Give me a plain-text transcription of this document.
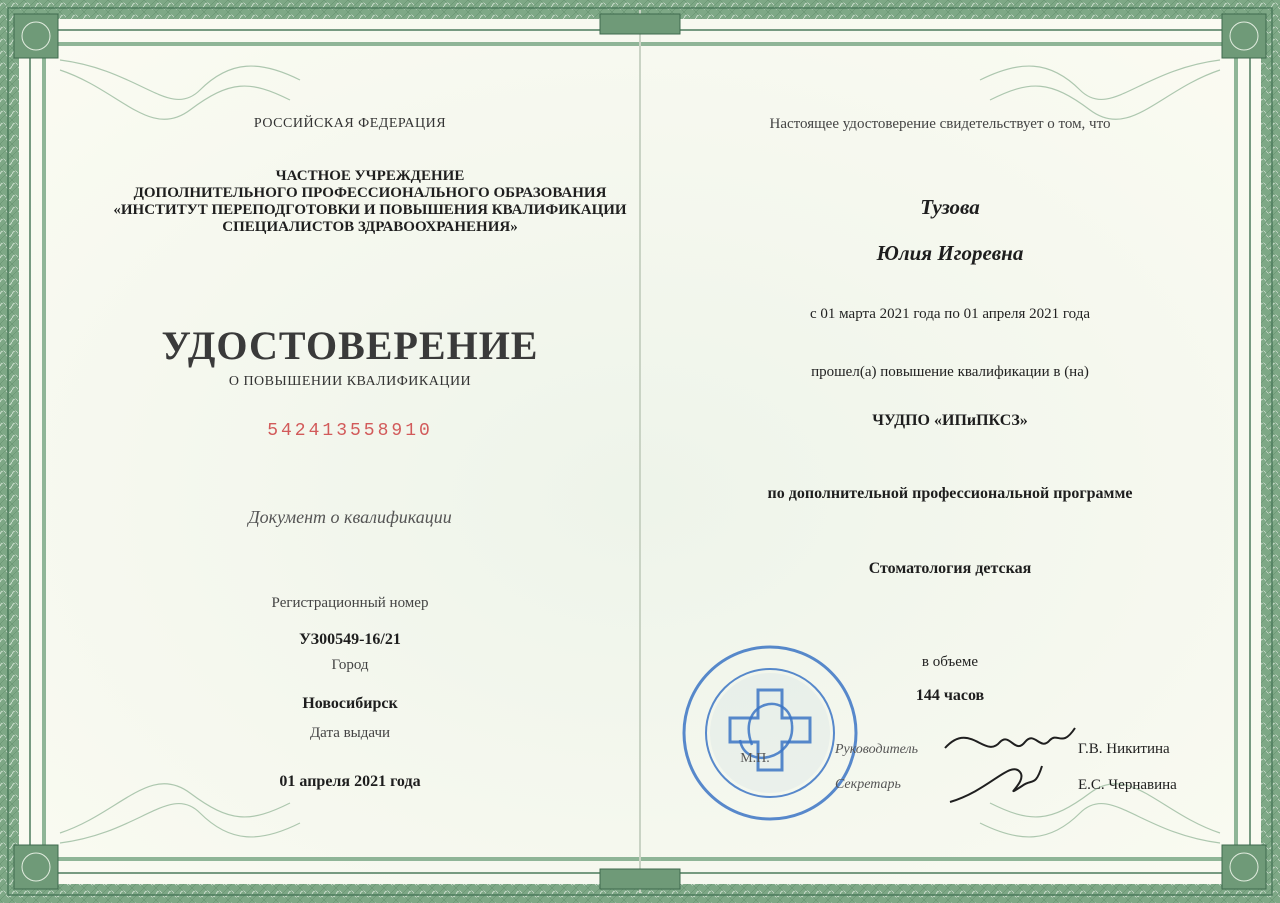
РОССИЙСКАЯ ФЕДЕРАЦИЯ
ЧАСТНОЕ УЧРЕЖДЕНИЕ
ДОПОЛНИТЕЛЬНОГО ПРОФЕССИОНАЛЬНОГО ОБРАЗОВАНИЯ
«ИНСТИТУТ ПЕРЕПОДГОТОВКИ И ПОВЫШЕНИЯ КВАЛИФИКАЦИИ
СПЕЦИАЛИСТОВ ЗДРАВООХРАНЕНИЯ»
УДОСТОВЕРЕНИЕ
О ПОВЫШЕНИИ КВАЛИФИКАЦИИ
542413558910
Документ о квалификации
Регистрационный номер
УЗ00549-16/21
Город
Новосибирск
Дата выдачи
01 апреля 2021 года
Настоящее удостоверение свидетельствует о том, что
Тузова
Юлия Игоревна
с 01 марта 2021 года по 01 апреля 2021 года
прошел(а) повышение квалификации в (на)
ЧУДПО «ИПиПКСЗ»
по дополнительной профессиональной программе
Стоматология детская
в объеме
144 часов
М.П.
Руководитель	Г.В. Никитина
Секретарь	Е.С. Чернавина
